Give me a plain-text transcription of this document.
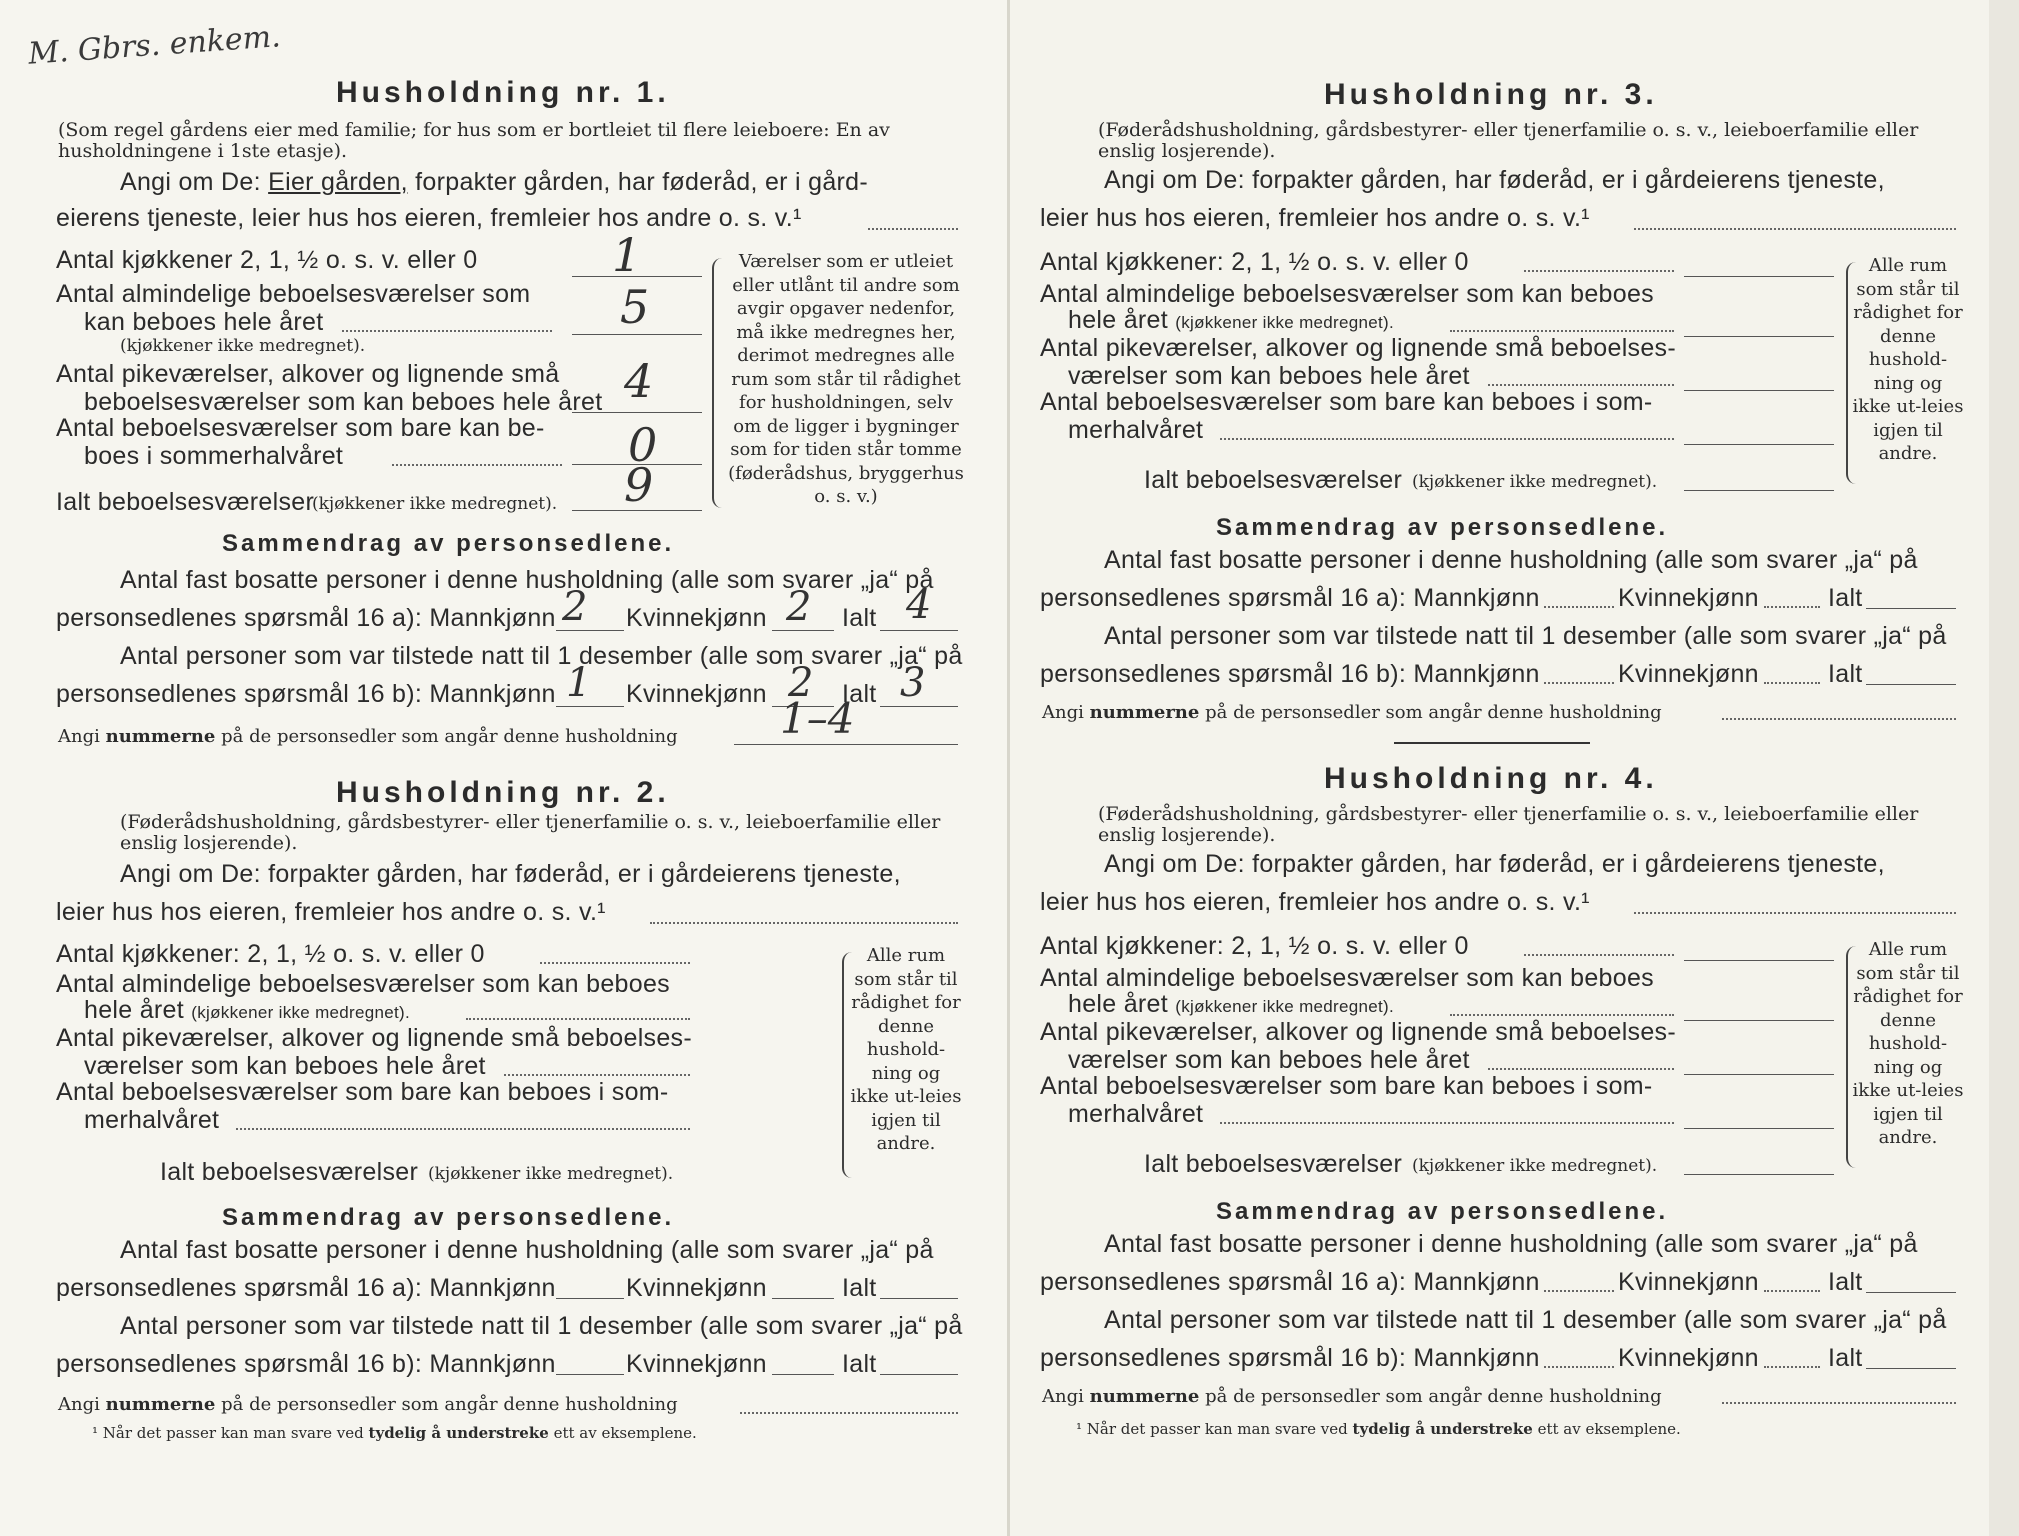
M. Gbrs. enkem.
Husholdning nr. 1.
(Som regel gårdens eier med familie; for hus som er bortleiet til flere leieboere: En av husholdningene i 1ste etasje).
Angi om De: Eier gården, forpakter gården, har føderåd, er i gård-
eierens tjeneste, leier hus hos eieren, fremleier hos andre o. s. v.¹
Antal kjøkkener 2, 1, ½ o. s. v. eller 0	1
Antal almindelige beboelsesværelser som
kan beboes hele året
(kjøkkener ikke medregnet).
5
Antal pikeværelser, alkover og lignende små
beboelsesværelser som kan beboes hele året 4
Antal beboelsesværelser som bare kan be-
boes i sommerhalvåret	0
Ialt beboelsesværelser
(kjøkkener ikke medregnet). 9
Værelser som er utleiet eller utlånt til andre som avgir opgaver nedenfor, må ikke medregnes her, derimot medregnes alle rum som står til rådighet for husholdningen, selv om de ligger i bygninger som for tiden står tomme (føderådshus, bryggerhus o. s. v.)
Sammendrag av personsedlene.
Antal fast bosatte personer i denne husholdning (alle som svarer „ja“ på
personsedlenes spørsmål 16 a): Mannkjønn 2 Kvinnekjønn 2 Ialt 4
Antal personer som var tilstede natt til 1 desember (alle som svarer „ja“ på
personsedlenes spørsmål 16 b): Mannkjønn 1 Kvinnekjønn 2 Ialt 3
Angi nummerne på de personsedler som angår denne husholdning 1–4
Husholdning nr. 2.
(Føderådshusholdning, gårdsbestyrer- eller tjenerfamilie o. s. v., leieboerfamilie eller enslig losjerende).
Angi om De: forpakter gården, har føderåd, er i gårdeierens tjeneste,
leier hus hos eieren, fremleier hos andre o. s. v.¹
Antal kjøkkener: 2, 1, ½ o. s. v. eller 0
Antal almindelige beboelsesværelser som kan beboes
hele året (kjøkkener ikke medregnet).
Antal pikeværelser, alkover og lignende små beboelses-
værelser som kan beboes hele året
Antal beboelsesværelser som bare kan beboes i som-
merhalvåret
Ialt beboelsesværelser (kjøkkener ikke medregnet).
Alle rum som står til rådighet for denne hushold-ning og ikke ut-leies igjen til andre.
Sammendrag av personsedlene.
Antal fast bosatte personer i denne husholdning (alle som svarer „ja“ på
personsedlenes spørsmål 16 a): Mannkjønn	Kvinnekjønn	Ialt
Antal personer som var tilstede natt til 1 desember (alle som svarer „ja“ på
personsedlenes spørsmål 16 b): Mannkjønn	Kvinnekjønn	Ialt
Angi nummerne på de personsedler som angår denne husholdning
¹ Når det passer kan man svare ved tydelig å understreke ett av eksemplene.
Husholdning nr. 3.
(Føderådshusholdning, gårdsbestyrer- eller tjenerfamilie o. s. v., leieboerfamilie eller enslig losjerende).
Angi om De: forpakter gården, har føderåd, er i gårdeierens tjeneste,
leier hus hos eieren, fremleier hos andre o. s. v.¹
Antal kjøkkener: 2, 1, ½ o. s. v. eller 0
Antal almindelige beboelsesværelser som kan beboes
hele året (kjøkkener ikke medregnet).
Antal pikeværelser, alkover og lignende små beboelses-
værelser som kan beboes hele året
Antal beboelsesværelser som bare kan beboes i som-
merhalvåret
Ialt beboelsesværelser (kjøkkener ikke medregnet).
Alle rum som står til rådighet for denne hushold-ning og ikke ut-leies igjen til andre.
Sammendrag av personsedlene.
Antal fast bosatte personer i denne husholdning (alle som svarer „ja“ på
personsedlenes spørsmål 16 a): Mannkjønn	Kvinnekjønn	Ialt
Antal personer som var tilstede natt til 1 desember (alle som svarer „ja“ på
personsedlenes spørsmål 16 b): Mannkjønn	Kvinnekjønn	Ialt
Angi nummerne på de personsedler som angår denne husholdning
Husholdning nr. 4.
(Føderådshusholdning, gårdsbestyrer- eller tjenerfamilie o. s. v., leieboerfamilie eller enslig losjerende).
Angi om De: forpakter gården, har føderåd, er i gårdeierens tjeneste,
leier hus hos eieren, fremleier hos andre o. s. v.¹
Antal kjøkkener: 2, 1, ½ o. s. v. eller 0
Antal almindelige beboelsesværelser som kan beboes
hele året (kjøkkener ikke medregnet).
Antal pikeværelser, alkover og lignende små beboelses-
værelser som kan beboes hele året
Antal beboelsesværelser som bare kan beboes i som-
merhalvåret
Ialt beboelsesværelser (kjøkkener ikke medregnet).
Alle rum som står til rådighet for denne hushold-ning og ikke ut-leies igjen til andre.
Sammendrag av personsedlene.
Antal fast bosatte personer i denne husholdning (alle som svarer „ja“ på
personsedlenes spørsmål 16 a): Mannkjønn	Kvinnekjønn	Ialt
Antal personer som var tilstede natt til 1 desember (alle som svarer „ja“ på
personsedlenes spørsmål 16 b): Mannkjønn	Kvinnekjønn	Ialt
Angi nummerne på de personsedler som angår denne husholdning
¹ Når det passer kan man svare ved tydelig å understreke ett av eksemplene.
